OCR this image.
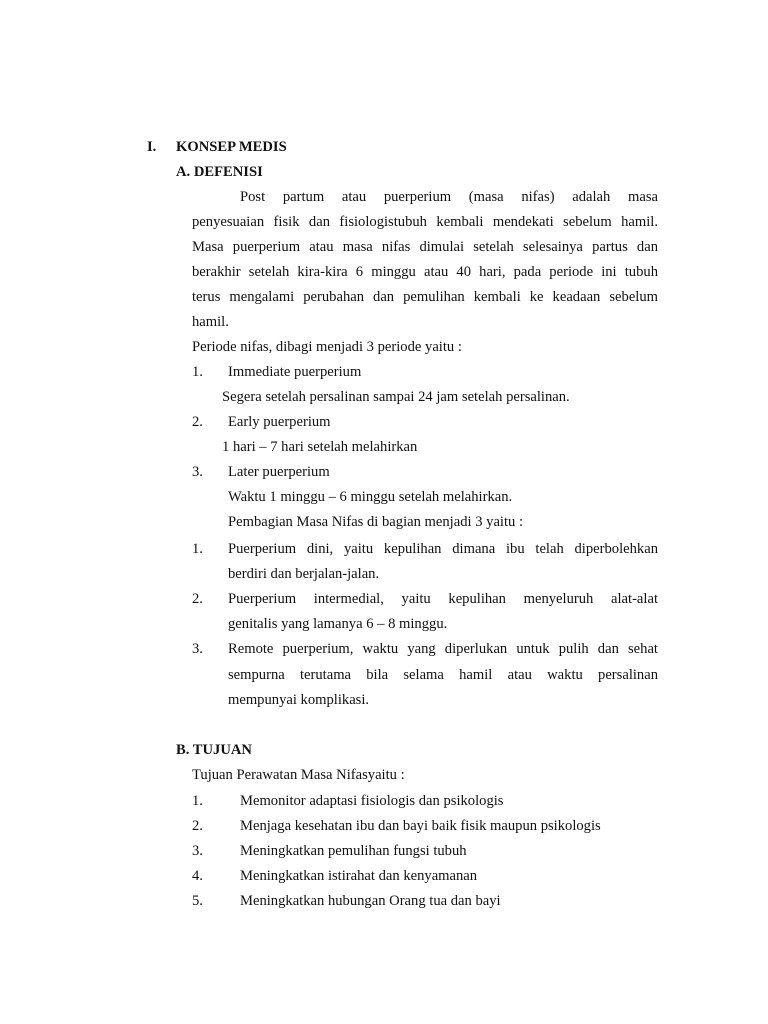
I. KONSEP MEDIS
A. DEFENISI
Post partum atau puerperium (masa nifas) adalah masa
penyesuaian fisik dan fisiologistubuh kembali mendekati sebelum hamil.
Masa puerperium atau masa nifas dimulai setelah selesainya partus dan
berakhir setelah kira-kira 6 minggu atau 40 hari, pada periode ini tubuh
terus mengalami perubahan dan pemulihan kembali ke keadaan sebelum
hamil.
Periode nifas, dibagi menjadi 3 periode yaitu :
1. Immediate puerperium
Segera setelah persalinan sampai 24 jam setelah persalinan.
2. Early puerperium
1 hari – 7 hari setelah melahirkan
3. Later puerperium
Waktu 1 minggu – 6 minggu setelah melahirkan.
Pembagian Masa Nifas di bagian menjadi 3 yaitu :
1. Puerperium dini, yaitu kepulihan dimana ibu telah diperbolehkan
berdiri dan berjalan-jalan.
2. Puerperium intermedial, yaitu kepulihan menyeluruh alat-alat
genitalis yang lamanya 6 – 8 minggu.
3. Remote puerperium, waktu yang diperlukan untuk pulih dan sehat
sempurna terutama bila selama hamil atau waktu persalinan
mempunyai komplikasi.
B. TUJUAN
Tujuan Perawatan Masa Nifasyaitu :
1.	Memonitor adaptasi fisiologis dan psikologis
2.	Menjaga kesehatan ibu dan bayi baik fisik maupun psikologis
3.	Meningkatkan pemulihan fungsi tubuh
4.	Meningkatkan istirahat dan kenyamanan
5.	Meningkatkan hubungan Orang tua dan bayi
